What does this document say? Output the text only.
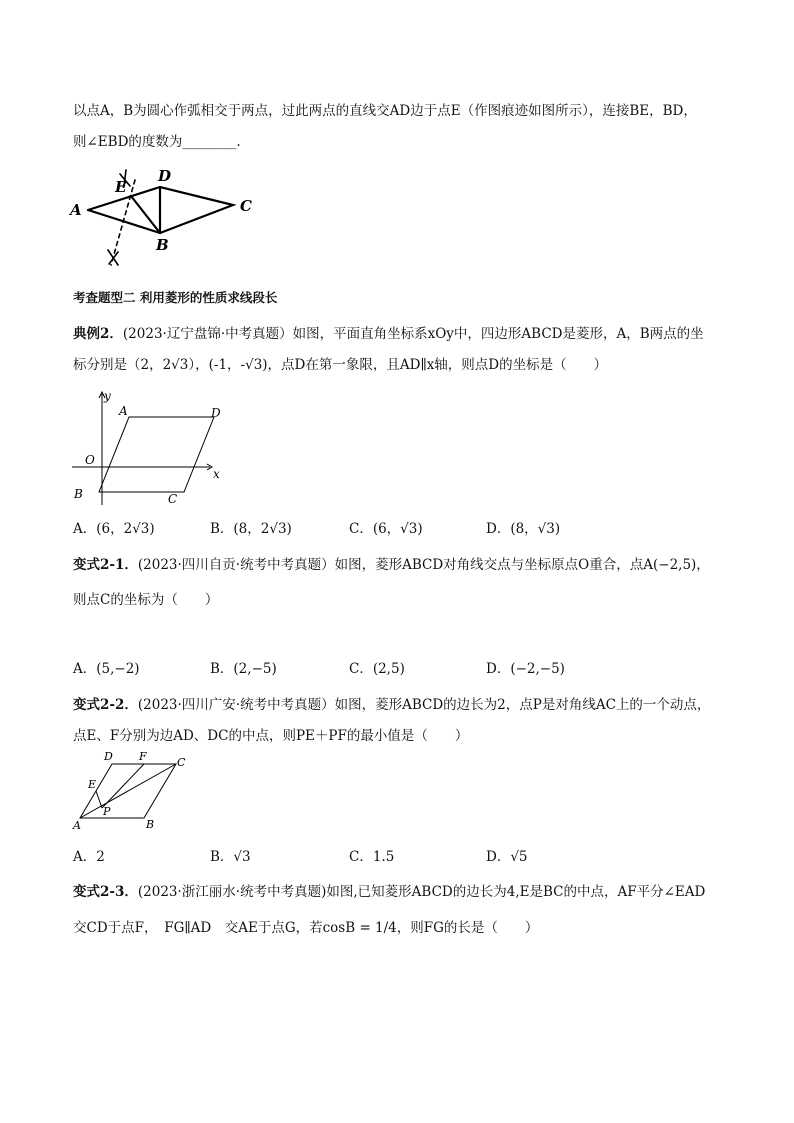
以点A，B为圆心作弧相交于两点，过此两点的直线交AD边于点E（作图痕迹如图所示），连接BE，BD，
则∠EBD的度数为________.
A
E
D
C
B
考查题型二 利用菱形的性质求线段长
典例2．(2023·辽宁盘锦·中考真题）如图，平面直角坐标系xOy中，四边形ABCD是菱形，A，B两点的坐
标分别是（2，2√3），(-1，-√3)，点D在第一象限，且AD∥x轴，则点D的坐标是（　　）
A	D
C
B
O
x
y
A．(6，2√3)	B．(8，2√3)	C．(6，√3)	D．(8，√3)
变式2-1．(2023·四川自贡·统考中考真题）如图，菱形ABCD对角线交点与坐标原点O重合，点A(−2,5)，
则点C的坐标为（　　）
A．(5,−2)	B．(2,−5)	C．(2,5)	D．(−2,−5)
变式2-2．(2023·四川广安·统考中考真题）如图，菱形ABCD的边长为2，点P是对角线AC上的一个动点，
点E、F分别为边AD、DC的中点，则PE＋PF的最小值是（　　）
D F	C
E
P
A	B
A．2	B．√3	C．1.5	D．√5
变式2-3．(2023·浙江丽水·统考中考真题)如图,已知菱形ABCD的边长为4,E是BC的中点，AF平分∠EAD
交CD于点F，　FG∥AD　交AE于点G，若cosB = 1/4，则FG的长是（　　）
